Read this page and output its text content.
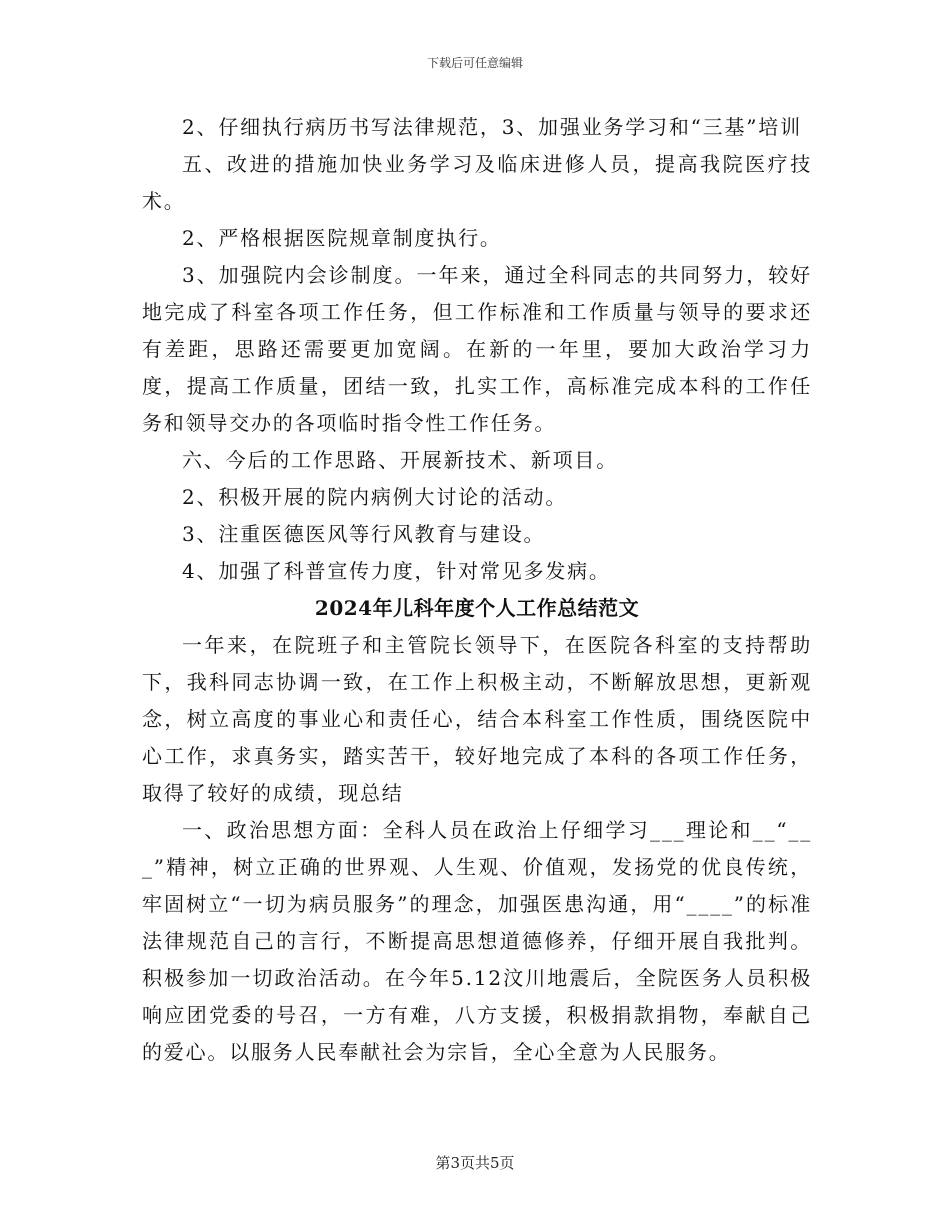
下载后可任意编辑

2、仔细执行病历书写法律规范，3、加强业务学习和“三基”培训

五、改进的措施加快业务学习及临床进修人员，提高我院医疗技术。

2、严格根据医院规章制度执行。

3、加强院内会诊制度。一年来，通过全科同志的共同努力，较好地完成了科室各项工作任务，但工作标准和工作质量与领导的要求还有差距，思路还需要更加宽阔。在新的一年里，要加大政治学习力度，提高工作质量，团结一致，扎实工作，高标准完成本科的工作任务和领导交办的各项临时指令性工作任务。

六、今后的工作思路、开展新技术、新项目。

2、积极开展的院内病例大讨论的活动。

3、注重医德医风等行风教育与建设。

4、加强了科普宣传力度，针对常见多发病。

2024年儿科年度个人工作总结范文

一年来，在院班子和主管院长领导下，在医院各科室的支持帮助下，我科同志协调一致，在工作上积极主动，不断解放思想，更新观念，树立高度的事业心和责任心，结合本科室工作性质，围绕医院中心工作，求真务实，踏实苦干，较好地完成了本科的各项工作任务，取得了较好的成绩，现总结

一、政治思想方面：全科人员在政治上仔细学习___理论和__“___”精神，树立正确的世界观、人生观、价值观，发扬党的优良传统，牢固树立“一切为病员服务”的理念，加强医患沟通，用“____”的标准法律规范自己的言行，不断提高思想道德修养，仔细开展自我批判。积极参加一切政治活动。在今年5.12汶川地震后，全院医务人员积极响应团党委的号召，一方有难，八方支援，积极捐款捐物，奉献自己的爱心。以服务人民奉献社会为宗旨，全心全意为人民服务。

第3页共5页
